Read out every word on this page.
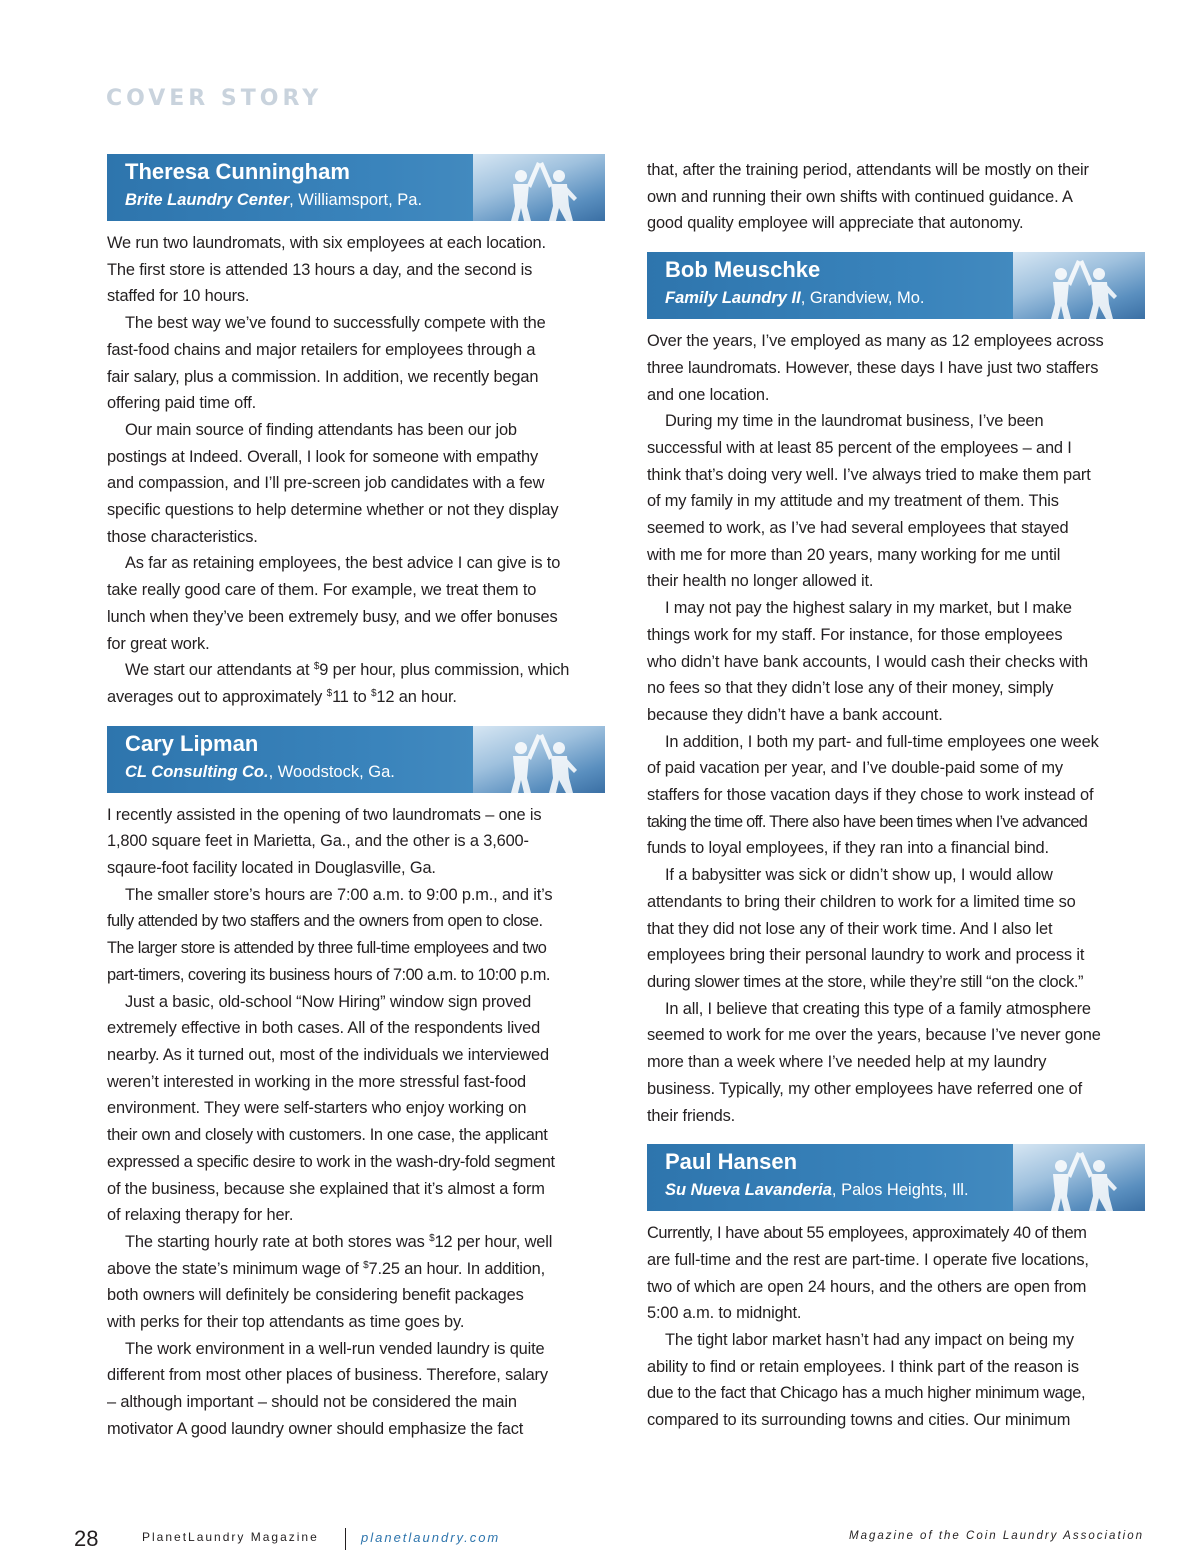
COVER STORY
Theresa Cunningham
Brite Laundry Center, Williamsport, Pa.

We run two laundromats, with six employees at each location.
The first store is attended 13 hours a day, and the second is
staffed for 10 hours.

The best way we’ve found to successfully compete with the
fast-food chains and major retailers for employees through a
fair salary, plus a commission. In addition, we recently began
offering paid time off.

Our main source of finding attendants has been our job
postings at Indeed. Overall, I look for someone with empathy
and compassion, and I’ll pre-screen job candidates with a few
specific questions to help determine whether or not they display
those characteristics.

As far as retaining employees, the best advice I can give is to
take really good care of them. For example, we treat them to
lunch when they’ve been extremely busy, and we offer bonuses
for great work.

We start our attendants at $9 per hour, plus commission, which
averages out to approximately $11 to $12 an hour.

Cary Lipman
CL Consulting Co., Woodstock, Ga.

I recently assisted in the opening of two laundromats – one is
1,800 square feet in Marietta, Ga., and the other is a 3,600-
sqaure-foot facility located in Douglasville, Ga.

The smaller store’s hours are 7:00 a.m. to 9:00 p.m., and it’s
fully attended by two staffers and the owners from open to close.
The larger store is attended by three full-time employees and two
part-timers, covering its business hours of 7:00 a.m. to 10:00 p.m.

Just a basic, old-school “Now Hiring” window sign proved
extremely effective in both cases. All of the respondents lived
nearby. As it turned out, most of the individuals we interviewed
weren’t interested in working in the more stressful fast-food
environment. They were self-starters who enjoy working on
their own and closely with customers. In one case, the applicant
expressed a specific desire to work in the wash-dry-fold segment
of the business, because she explained that it’s almost a form
of relaxing therapy for her.

The starting hourly rate at both stores was $12 per hour, well
above the state’s minimum wage of $7.25 an hour. In addition,
both owners will definitely be considering benefit packages
with perks for their top attendants as time goes by.

The work environment in a well-run vended laundry is quite
different from most other places of business. Therefore, salary
– although important – should not be considered the main
motivator A good laundry owner should emphasize the fact

that, after the training period, attendants will be mostly on their
own and running their own shifts with continued guidance. A
good quality employee will appreciate that autonomy.

Bob Meuschke
Family Laundry II, Grandview, Mo.

Over the years, I’ve employed as many as 12 employees across
three laundromats. However, these days I have just two staffers
and one location.

During my time in the laundromat business, I’ve been
successful with at least 85 percent of the employees – and I
think that’s doing very well. I’ve always tried to make them part
of my family in my attitude and my treatment of them. This
seemed to work, as I’ve had several employees that stayed
with me for more than 20 years, many working for me until
their health no longer allowed it.

I may not pay the highest salary in my market, but I make
things work for my staff. For instance, for those employees
who didn’t have bank accounts, I would cash their checks with
no fees so that they didn’t lose any of their money, simply
because they didn’t have a bank account.

In addition, I both my part- and full-time employees one week
of paid vacation per year, and I’ve double-paid some of my
staffers for those vacation days if they chose to work instead of
taking the time off. There also have been times when I’ve advanced
funds to loyal employees, if they ran into a financial bind.

If a babysitter was sick or didn’t show up, I would allow
attendants to bring their children to work for a limited time so
that they did not lose any of their work time. And I also let
employees bring their personal laundry to work and process it
during slower times at the store, while they’re still “on the clock.”

In all, I believe that creating this type of a family atmosphere
seemed to work for me over the years, because I’ve never gone
more than a week where I’ve needed help at my laundry
business. Typically, my other employees have referred one of
their friends.

Paul Hansen
Su Nueva Lavanderia, Palos Heights, Ill.

Currently, I have about 55 employees, approximately 40 of them
are full-time and the rest are part-time. I operate five locations,
two of which are open 24 hours, and the others are open from
5:00 a.m. to midnight.

The tight labor market hasn’t had any impact on being my
ability to find or retain employees. I think part of the reason is
due to the fact that Chicago has a much higher minimum wage,
compared to its surrounding towns and cities. Our minimum

28	PlanetLaundry Magazine	planetlaundry.com	Magazine of the Coin Laundry Association
